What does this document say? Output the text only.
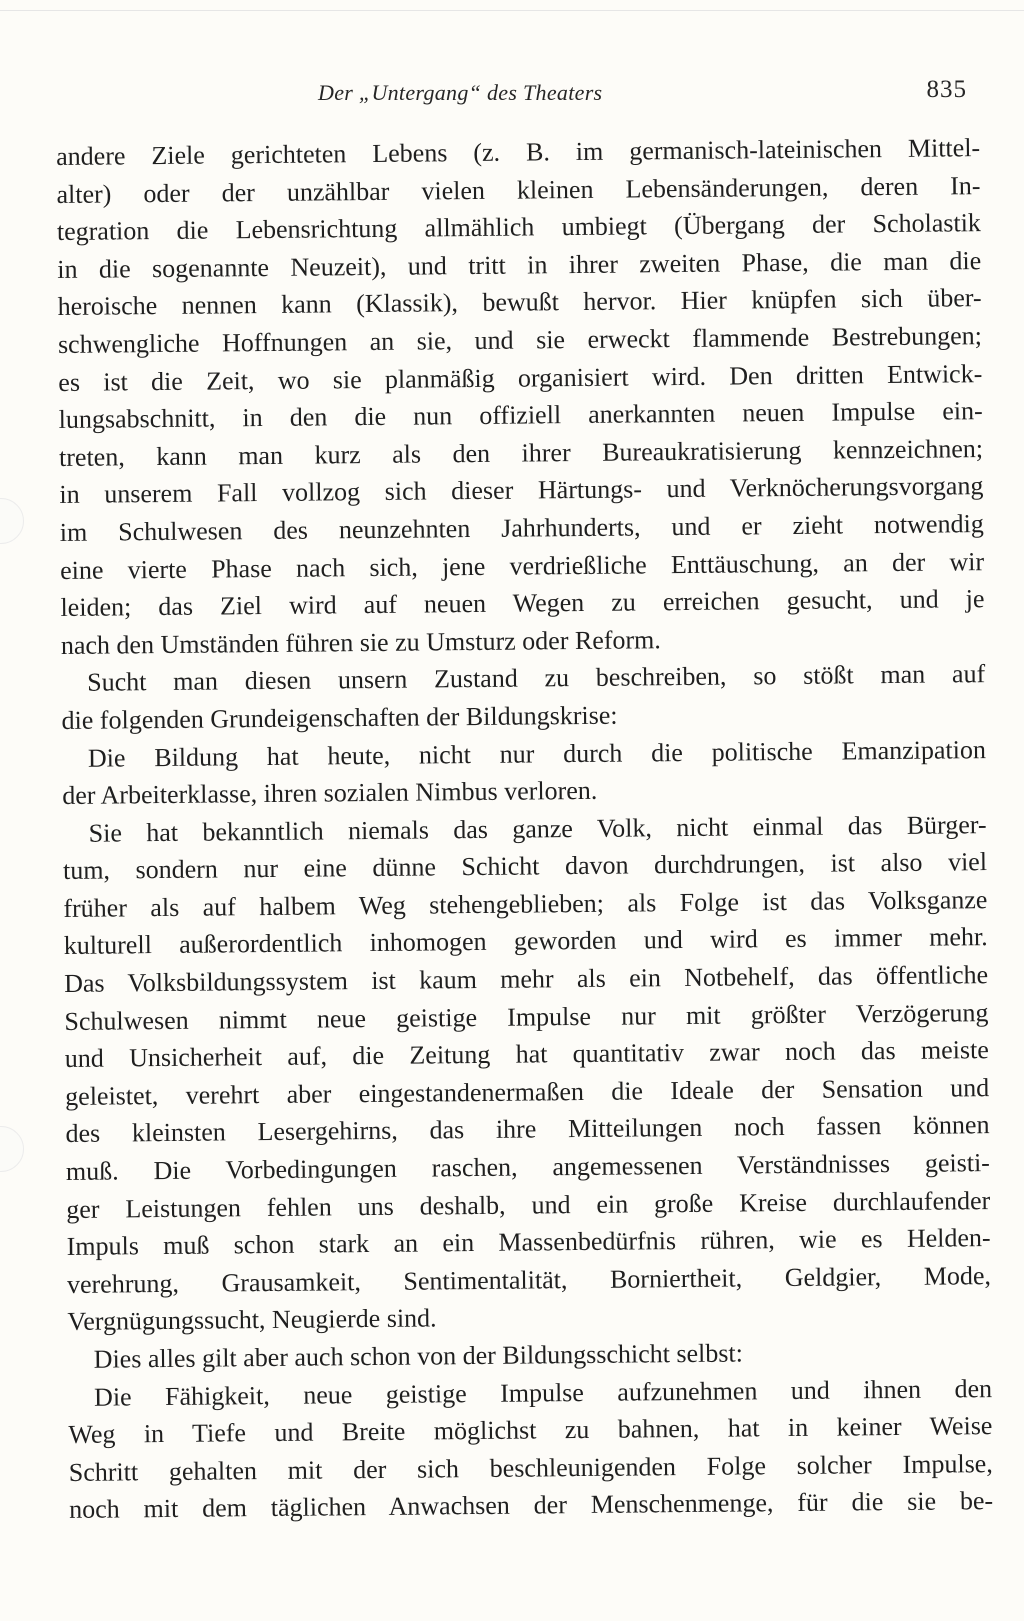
Der „Untergang“ des Theaters	835
andere Ziele gerichteten Lebens (z. B. im germanisch-lateinischen Mittel-
alter) oder der unzählbar vielen kleinen Lebensänderungen, deren In-
tegration die Lebensrichtung allmählich umbiegt (Übergang der Scholastik
in die sogenannte Neuzeit), und tritt in ihrer zweiten Phase, die man die
heroische nennen kann (Klassik), bewußt hervor. Hier knüpfen sich über-
schwengliche Hoffnungen an sie, und sie erweckt flammende Bestrebungen;
es ist die Zeit, wo sie planmäßig organisiert wird. Den dritten Entwick-
lungsabschnitt, in den die nun offiziell anerkannten neuen Impulse ein-
treten, kann man kurz als den ihrer Bureaukratisierung kennzeichnen;
in unserem Fall vollzog sich dieser Härtungs- und Verknöcherungsvorgang
im Schulwesen des neunzehnten Jahrhunderts, und er zieht notwendig
eine vierte Phase nach sich, jene verdrießliche Enttäuschung, an der wir
leiden; das Ziel wird auf neuen Wegen zu erreichen gesucht, und je
nach den Umständen führen sie zu Umsturz oder Reform.
Sucht man diesen unsern Zustand zu beschreiben, so stößt man auf
die folgenden Grundeigenschaften der Bildungskrise:
Die Bildung hat heute, nicht nur durch die politische Emanzipation
der Arbeiterklasse, ihren sozialen Nimbus verloren.
Sie hat bekanntlich niemals das ganze Volk, nicht einmal das Bürger-
tum, sondern nur eine dünne Schicht davon durchdrungen, ist also viel
früher als auf halbem Weg stehengeblieben; als Folge ist das Volksganze
kulturell außerordentlich inhomogen geworden und wird es immer mehr.
Das Volksbildungssystem ist kaum mehr als ein Notbehelf, das öffentliche
Schulwesen nimmt neue geistige Impulse nur mit größter Verzögerung
und Unsicherheit auf, die Zeitung hat quantitativ zwar noch das meiste
geleistet, verehrt aber eingestandenermaßen die Ideale der Sensation und
des kleinsten Lesergehirns, das ihre Mitteilungen noch fassen können
muß. Die Vorbedingungen raschen, angemessenen Verständnisses geisti-
ger Leistungen fehlen uns deshalb, und ein große Kreise durchlaufender
Impuls muß schon stark an ein Massenbedürfnis rühren, wie es Helden-
verehrung, Grausamkeit, Sentimentalität, Borniertheit, Geldgier, Mode,
Vergnügungssucht, Neugierde sind.
Dies alles gilt aber auch schon von der Bildungsschicht selbst:
Die Fähigkeit, neue geistige Impulse aufzunehmen und ihnen den
Weg in Tiefe und Breite möglichst zu bahnen, hat in keiner Weise
Schritt gehalten mit der sich beschleunigenden Folge solcher Impulse,
noch mit dem täglichen Anwachsen der Menschenmenge, für die sie be-
